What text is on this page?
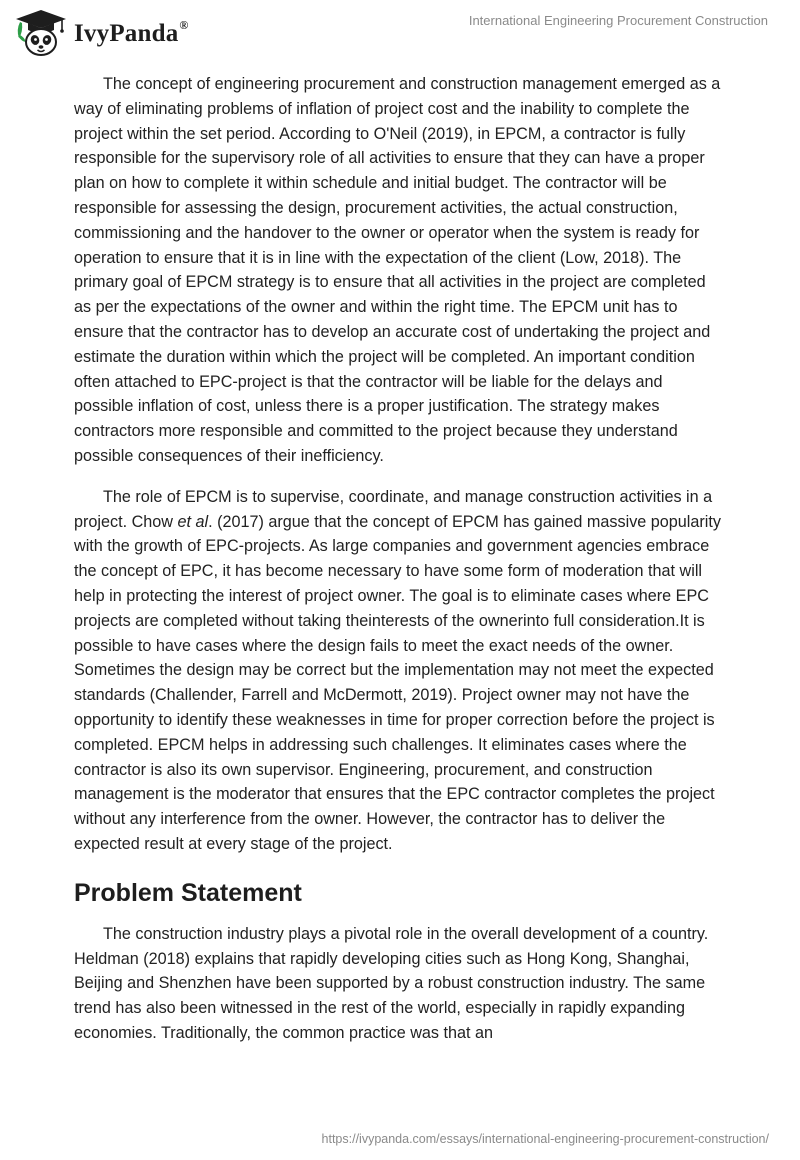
IvyPanda®	International Engineering Procurement Construction

The concept of engineering procurement and construction management emerged as a way of eliminating problems of inflation of project cost and the inability to complete the project within the set period. According to O'Neil (2019), in EPCM, a contractor is fully responsible for the supervisory role of all activities to ensure that they can have a proper plan on how to complete it within schedule and initial budget. The contractor will be responsible for assessing the design, procurement activities, the actual construction, commissioning and the handover to the owner or operator when the system is ready for operation to ensure that it is in line with the expectation of the client (Low, 2018). The primary goal of EPCM strategy is to ensure that all activities in the project are completed as per the expectations of the owner and within the right time. The EPCM unit has to ensure that the contractor has to develop an accurate cost of undertaking the project and estimate the duration within which the project will be completed. An important condition often attached to EPC-project is that the contractor will be liable for the delays and possible inflation of cost, unless there is a proper justification. The strategy makes contractors more responsible and committed to the project because they understand possible consequences of their inefficiency.

The role of EPCM is to supervise, coordinate, and manage construction activities in a project. Chow et al. (2017) argue that the concept of EPCM has gained massive popularity with the growth of EPC-projects. As large companies and government agencies embrace the concept of EPC, it has become necessary to have some form of moderation that will help in protecting the interest of project owner. The goal is to eliminate cases where EPC projects are completed without taking theinterests of the ownerinto full consideration.It is possible to have cases where the design fails to meet the exact needs of the owner. Sometimes the design may be correct but the implementation may not meet the expected standards (Challender, Farrell and McDermott, 2019). Project owner may not have the opportunity to identify these weaknesses in time for proper correction before the project is completed. EPCM helps in addressing such challenges. It eliminates cases where the contractor is also its own supervisor. Engineering, procurement, and construction management is the moderator that ensures that the EPC contractor completes the project without any interference from the owner. However, the contractor has to deliver the expected result at every stage of the project.

Problem Statement

The construction industry plays a pivotal role in the overall development of a country. Heldman (2018) explains that rapidly developing cities such as Hong Kong, Shanghai, Beijing and Shenzhen have been supported by a robust construction industry. The same trend has also been witnessed in the rest of the world, especially in rapidly expanding economies. Traditionally, the common practice was that an

https://ivypanda.com/essays/international-engineering-procurement-construction/
